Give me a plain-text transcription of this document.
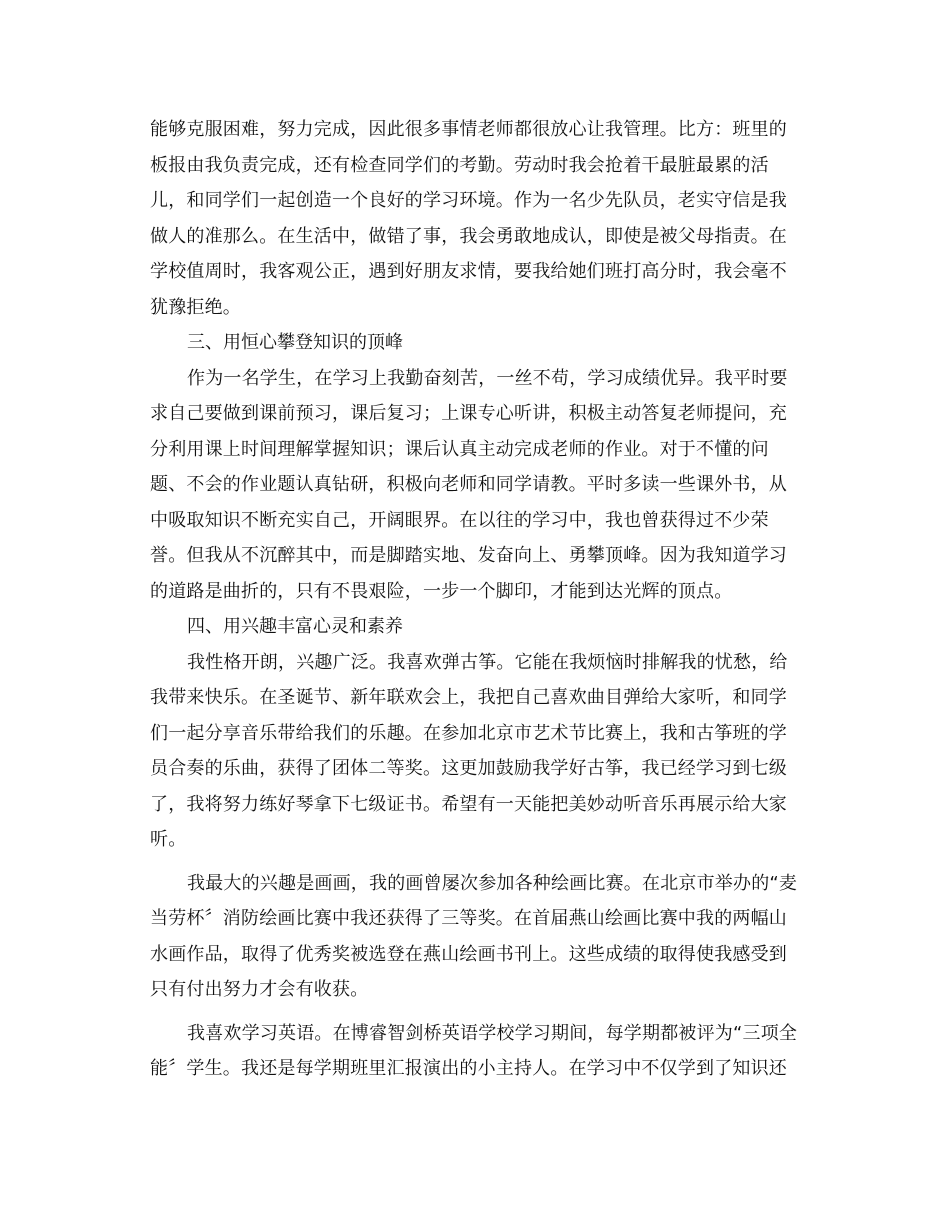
能够克服困难，努力完成，因此很多事情老师都很放心让我管理。比方：班里的
板报由我负责完成，还有检查同学们的考勤。劳动时我会抢着干最脏最累的活
儿，和同学们一起创造一个良好的学习环境。作为一名少先队员，老实守信是我
做人的准那么。在生活中，做错了事，我会勇敢地成认，即使是被父母指责。在
学校值周时，我客观公正，遇到好朋友求情，要我给她们班打高分时，我会毫不
犹豫拒绝。

三、用恒心攀登知识的顶峰

作为一名学生，在学习上我勤奋刻苦，一丝不苟，学习成绩优异。我平时要
求自己要做到课前预习，课后复习；上课专心听讲，积极主动答复老师提问，充
分利用课上时间理解掌握知识；课后认真主动完成老师的作业。对于不懂的问
题、不会的作业题认真钻研，积极向老师和同学请教。平时多读一些课外书，从
中吸取知识不断充实自己，开阔眼界。在以往的学习中，我也曾获得过不少荣
誉。但我从不沉醉其中，而是脚踏实地、发奋向上、勇攀顶峰。因为我知道学习
的道路是曲折的，只有不畏艰险，一步一个脚印，才能到达光辉的顶点。

四、用兴趣丰富心灵和素养

我性格开朗，兴趣广泛。我喜欢弹古筝。它能在我烦恼时排解我的忧愁，给
我带来快乐。在圣诞节、新年联欢会上，我把自己喜欢曲目弹给大家听，和同学
们一起分享音乐带给我们的乐趣。在参加北京市艺术节比赛上，我和古筝班的学
员合奏的乐曲，获得了团体二等奖。这更加鼓励我学好古筝，我已经学习到七级
了，我将努力练好琴拿下七级证书。希望有一天能把美妙动听音乐再展示给大家
听。

我最大的兴趣是画画，我的画曾屡次参加各种绘画比赛。在北京市举办的“麦
当劳杯〞消防绘画比赛中我还获得了三等奖。在首届燕山绘画比赛中我的两幅山
水画作品，取得了优秀奖被选登在燕山绘画书刊上。这些成绩的取得使我感受到
只有付出努力才会有收获。

我喜欢学习英语。在博睿智剑桥英语学校学习期间，每学期都被评为“三项全
能〞学生。我还是每学期班里汇报演出的小主持人。在学习中不仅学到了知识还
